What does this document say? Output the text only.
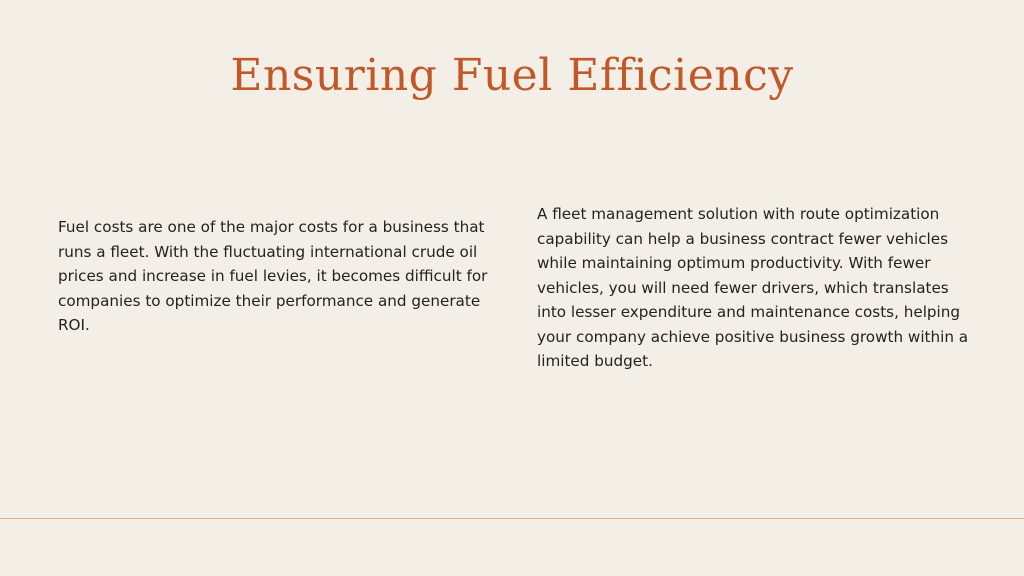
Ensuring Fuel Efficiency

Fuel costs are one of the major costs for a business that runs a fleet. With the fluctuating international crude oil prices and increase in fuel levies, it becomes difficult for companies to optimize their performance and generate ROI.

A fleet management solution with route optimization capability can help a business contract fewer vehicles while maintaining optimum productivity. With fewer vehicles, you will need fewer drivers, which translates into lesser expenditure and maintenance costs, helping your company achieve positive business growth within a limited budget.
